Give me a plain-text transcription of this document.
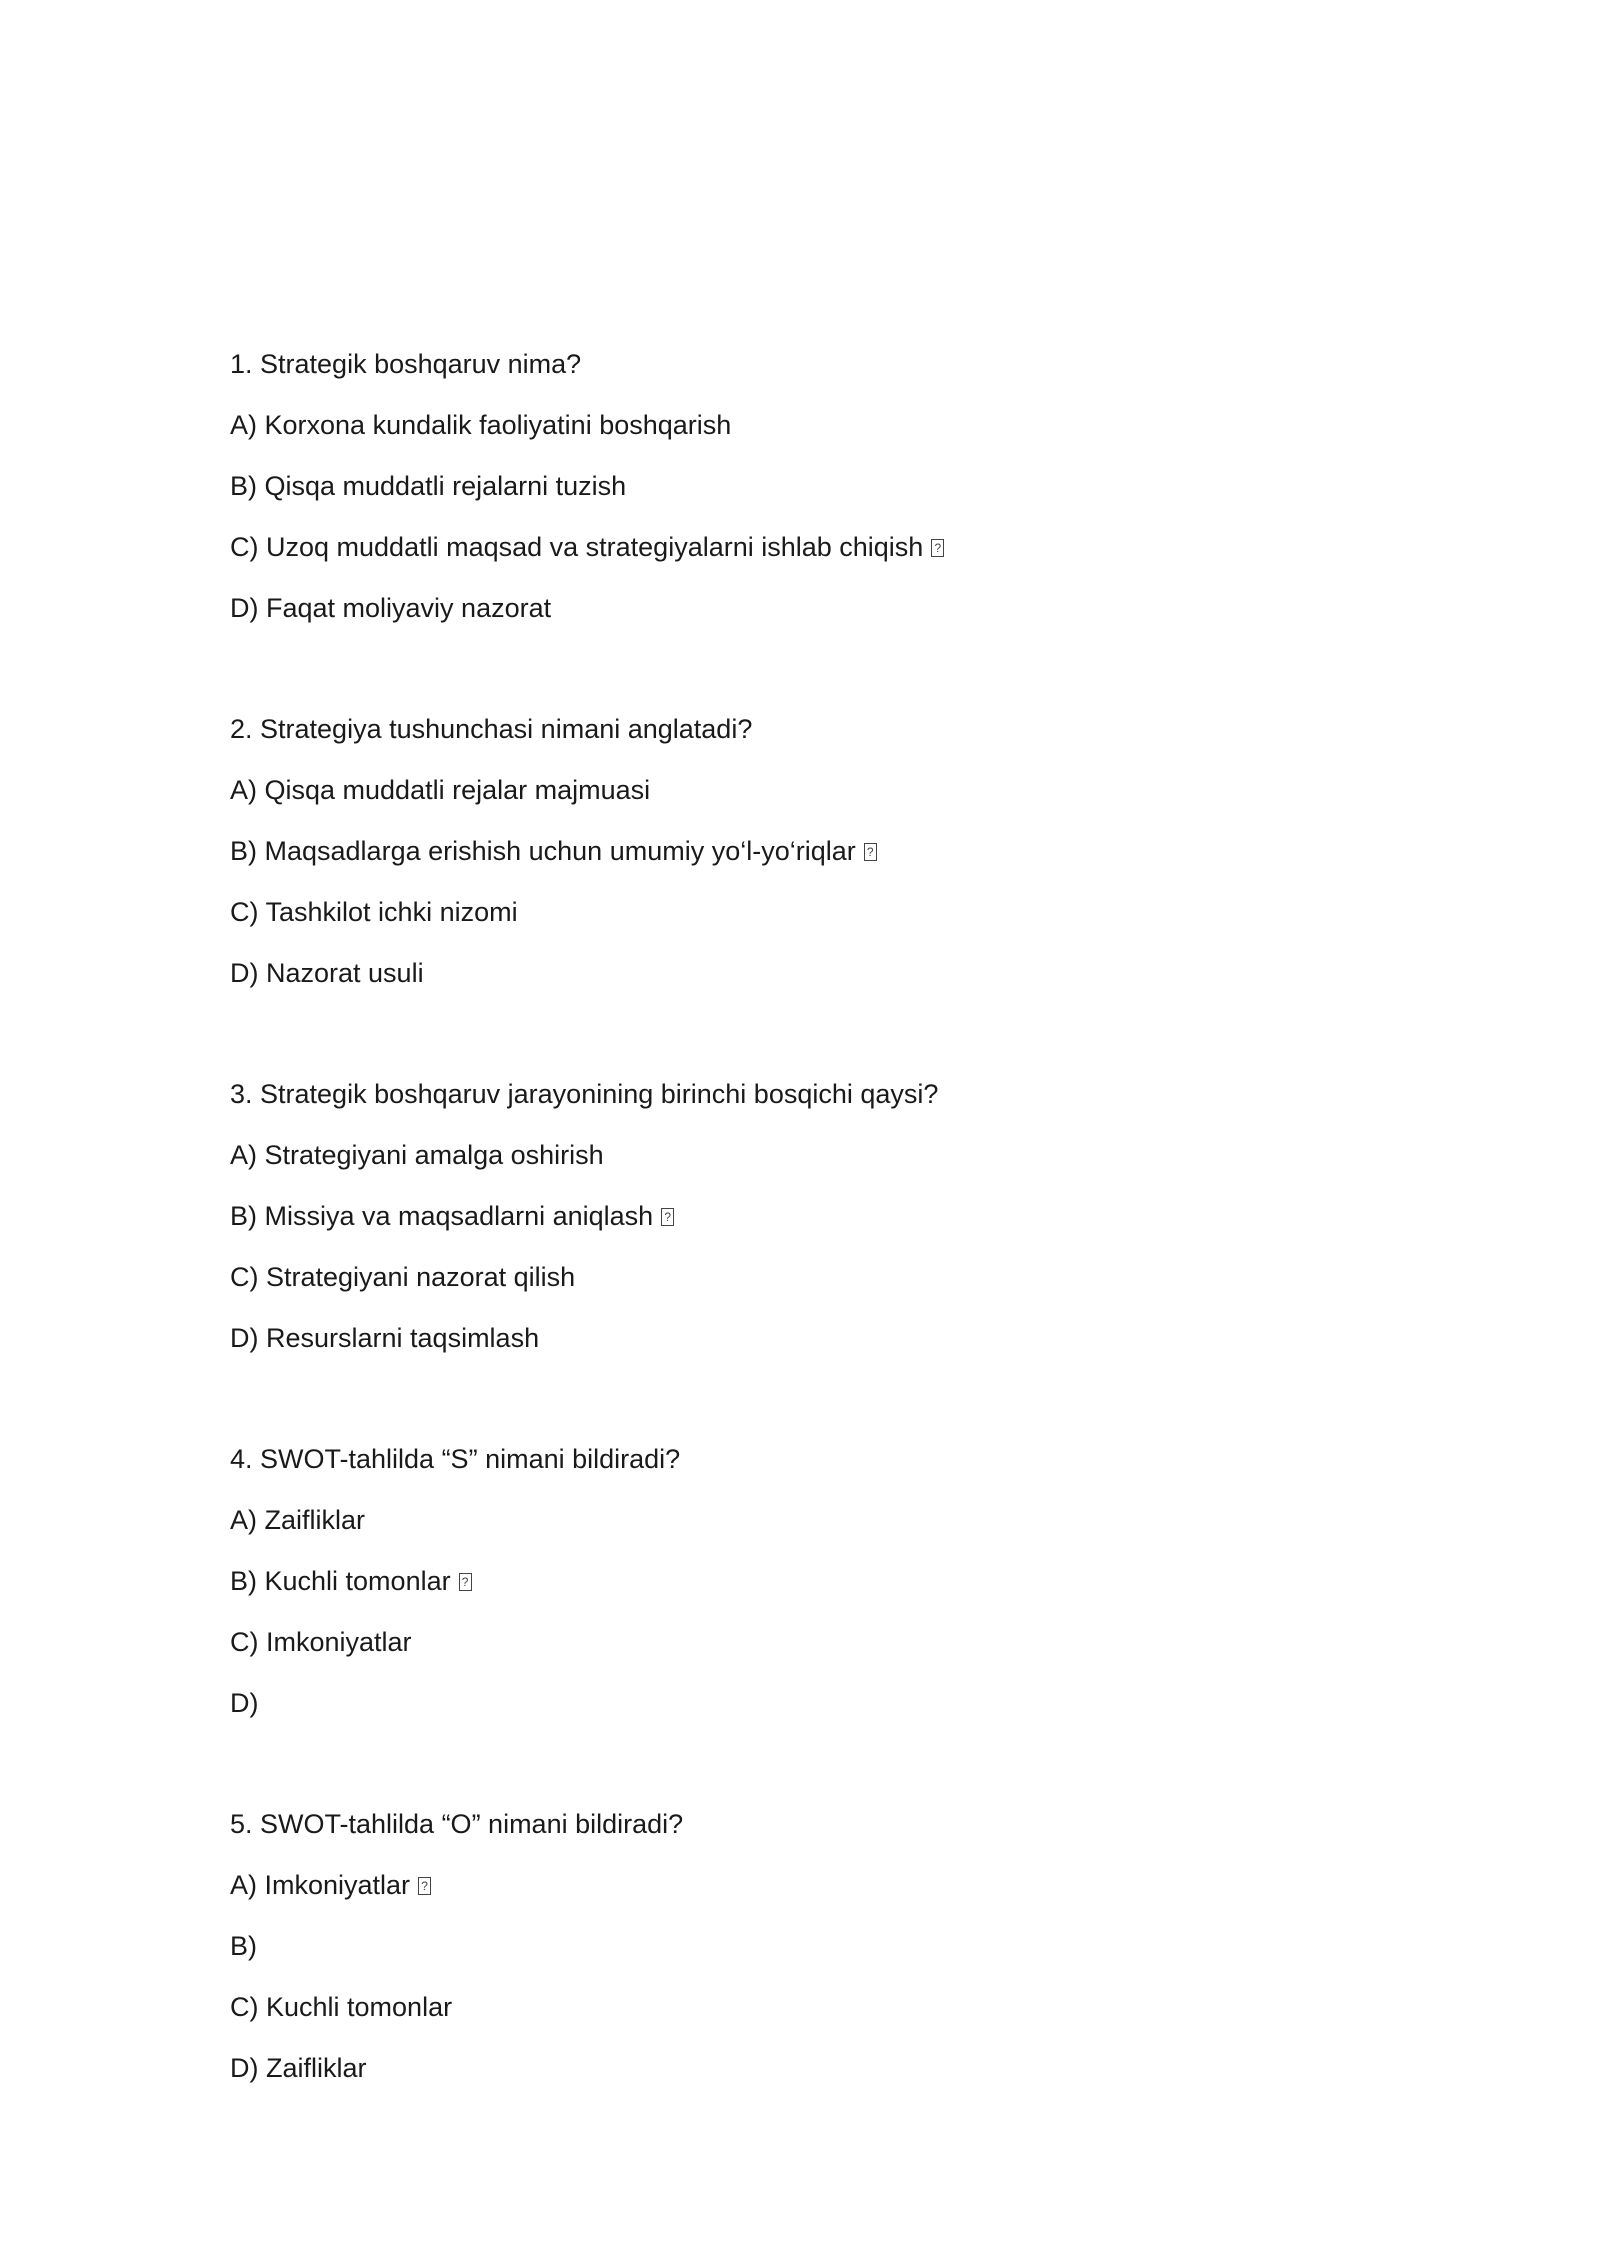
1. Strategik boshqaruv nima?
A) Korxona kundalik faoliyatini boshqarish
B) Qisqa muddatli rejalarni tuzish
C) Uzoq muddatli maqsad va strategiyalarni ishlab chiqish?
D) Faqat moliyaviy nazorat
2. Strategiya tushunchasi nimani anglatadi?
A) Qisqa muddatli rejalar majmuasi
B) Maqsadlarga erishish uchun umumiy yo‘l-yo‘riqlar?
C) Tashkilot ichki nizomi
D) Nazorat usuli
3. Strategik boshqaruv jarayonining birinchi bosqichi qaysi?
A) Strategiyani amalga oshirish
B) Missiya va maqsadlarni aniqlash?
C) Strategiyani nazorat qilish
D) Resurslarni taqsimlash
4. SWOT-tahlilda “S” nimani bildiradi?
A) Zaifliklar
B) Kuchli tomonlar?
C) Imkoniyatlar
D)
5. SWOT-tahlilda “O” nimani bildiradi?
A) Imkoniyatlar?
B)
C) Kuchli tomonlar
D) Zaifliklar
